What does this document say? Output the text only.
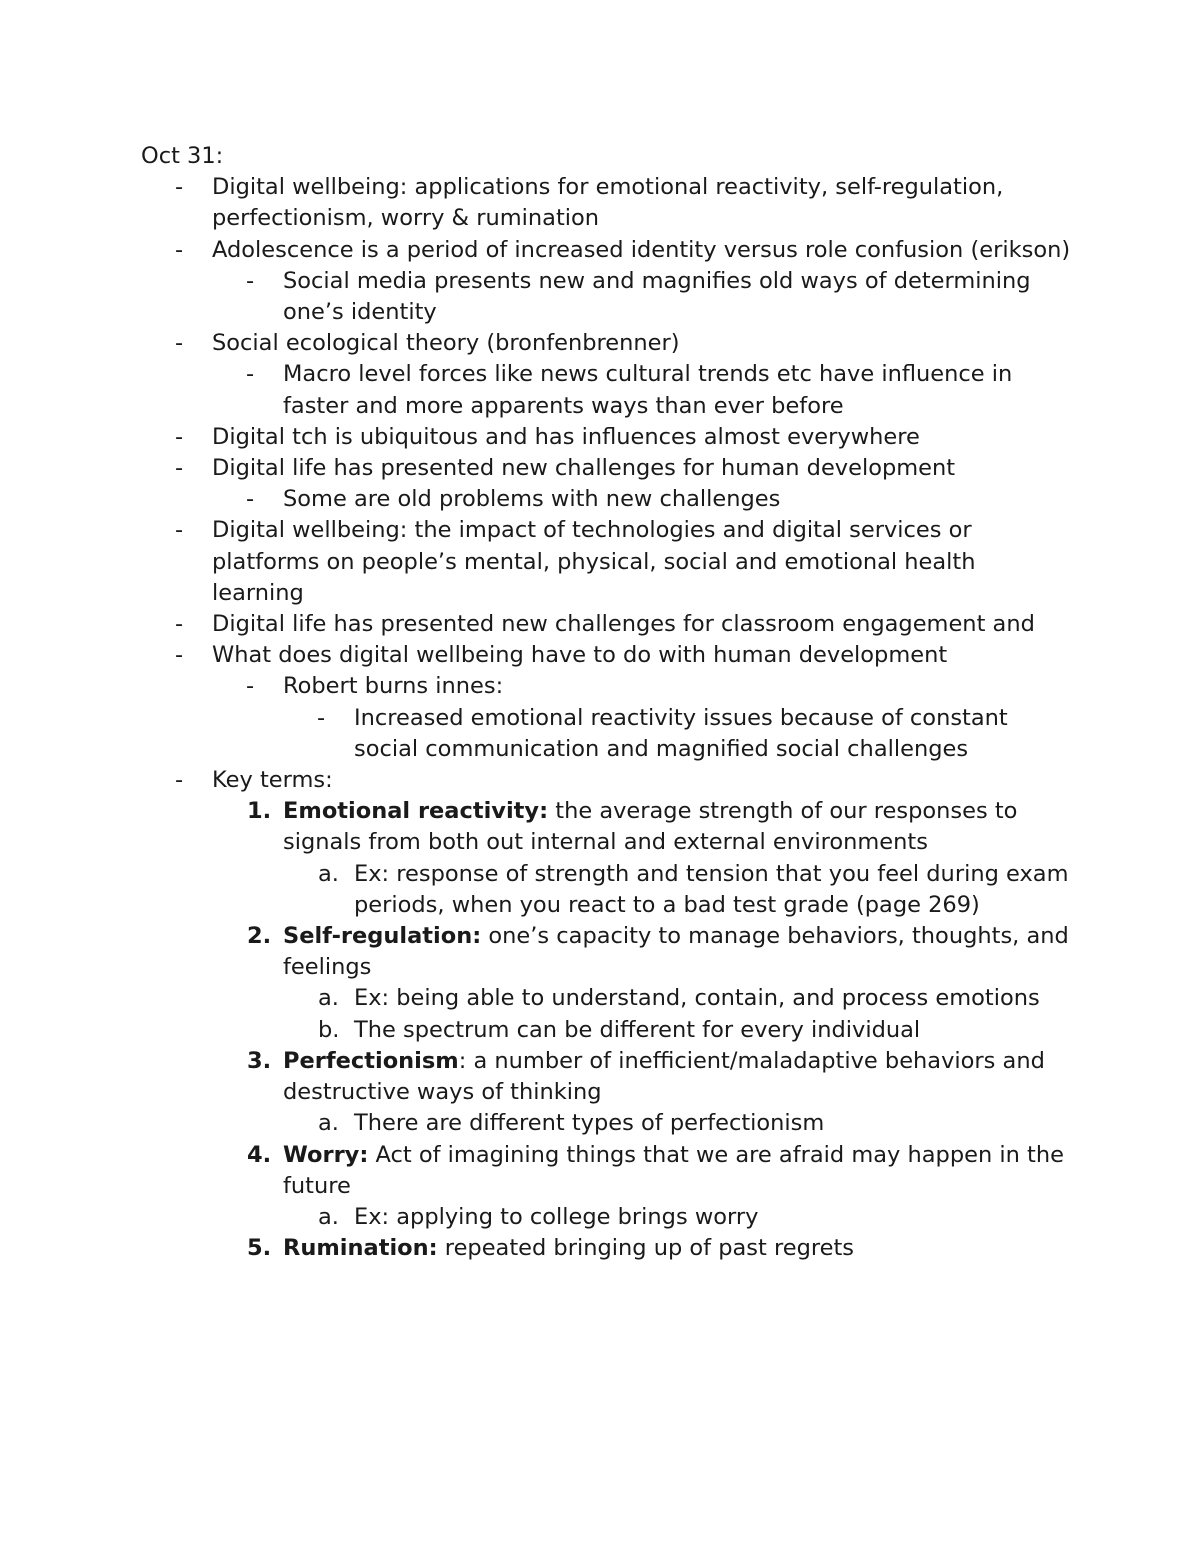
Oct 31:

- Digital wellbeing: applications for emotional reactivity, self-regulation, perfectionism, worry & rumination
- Adolescence is a period of increased identity versus role confusion (erikson)
- Social media presents new and magnifies old ways of determining one’s identity
- Social ecological theory (bronfenbrenner)
- Macro level forces like news cultural trends etc have influence in faster and more apparents ways than ever before
- Digital tch is ubiquitous and has influences almost everywhere
- Digital life has presented new challenges for human development
- Some are old problems with new challenges
- Digital wellbeing: the impact of technologies and digital services or platforms on people’s mental, physical, social and emotional health learning
- Digital life has presented new challenges for classroom engagement and
- What does digital wellbeing have to do with human development
- Robert burns innes:
- Increased emotional reactivity issues because of constant social communication and magnified social challenges
- Key terms:
1. Emotional reactivity: the average strength of our responses to signals from both out internal and external environments
a. Ex: response of strength and tension that you feel during exam periods, when you react to a bad test grade (page 269)
2. Self-regulation: one’s capacity to manage behaviors, thoughts, and feelings
a. Ex: being able to understand, contain, and process emotions
b. The spectrum can be different for every individual
3. Perfectionism: a number of inefficient/maladaptive behaviors and destructive ways of thinking
a. There are different types of perfectionism
4. Worry: Act of imagining things that we are afraid may happen in the future
a. Ex: applying to college brings worry
5. Rumination: repeated bringing up of past regrets
